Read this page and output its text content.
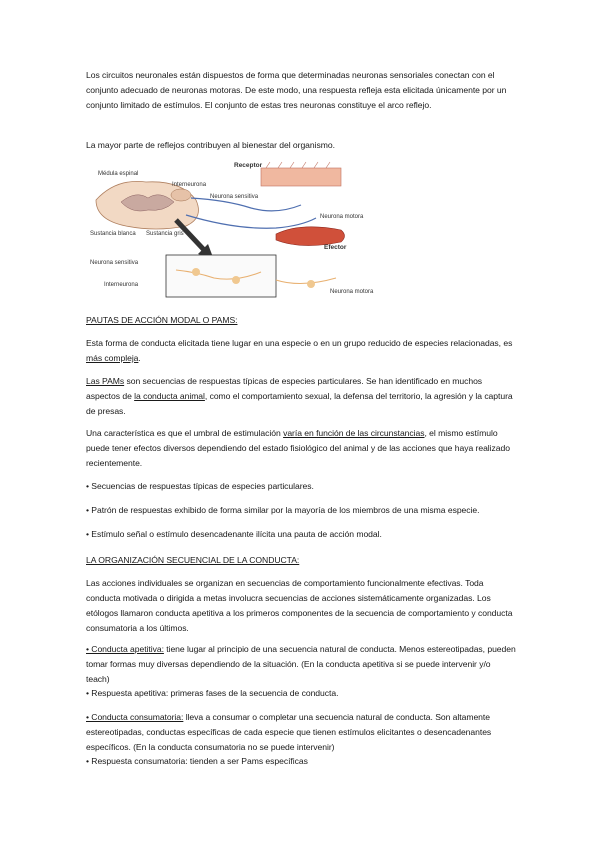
Los circuitos neuronales están dispuestos de forma que determinadas neuronas sensoriales conectan con el conjunto adecuado de neuronas motoras. De este modo, una respuesta refleja esta elicitada únicamente por un conjunto limitado de estímulos. El conjunto de estas tres neuronas constituye el arco reflejo.

La mayor parte de reflejos contribuyen al bienestar del organismo.

Receptor
Médula espinal
Interneurona
Neurona sensitiva
Neurona motora
Sustancia blanca Sustancia gris
Efector
Neurona sensitiva
Interneurona
Neurona motora

PAUTAS DE ACCIÓN MODAL O PAMS:

Esta forma de conducta elicitada tiene lugar en una especie o en un grupo reducido de especies relacionadas, es más compleja.

Las PAMs son secuencias de respuestas típicas de especies particulares. Se han identificado en muchos aspectos de la conducta animal, como el comportamiento sexual, la defensa del territorio, la agresión y la captura de presas.

Una característica es que el umbral de estimulación varía en función de las circunstancias, el mismo estímulo puede tener efectos diversos dependiendo del estado fisiológico del animal y de las acciones que haya realizado recientemente.

• Secuencias de respuestas típicas de especies particulares.

• Patrón de respuestas exhibido de forma similar por la mayoría de los miembros de una misma especie.

• Estímulo señal o estímulo desencadenante ilícita una pauta de acción modal.

LA ORGANIZACIÓN SECUENCIAL DE LA CONDUCTA:

Las acciones individuales se organizan en secuencias de comportamiento funcionalmente efectivas. Toda conducta motivada o dirigida a metas involucra secuencias de acciones sistemáticamente organizadas. Los etólogos llamaron conducta apetitiva a los primeros componentes de la secuencia de comportamiento y conducta consumatoria a los últimos.

• Conducta apetitiva: tiene lugar al principio de una secuencia natural de conducta. Menos estereotipadas, pueden tomar formas muy diversas dependiendo de la situación. (En la conducta apetitiva si se puede intervenir y/o teach)

• Respuesta apetitiva: primeras fases de la secuencia de conducta.

• Conducta consumatoria: lleva a consumar o completar una secuencia natural de conducta. Son altamente estereotipadas, conductas específicas de cada especie que tienen estímulos elicitantes o desencadenantes específicos. (En la conducta consumatoria no se puede intervenir)

• Respuesta consumatoria: tienden a ser Pams específicas
